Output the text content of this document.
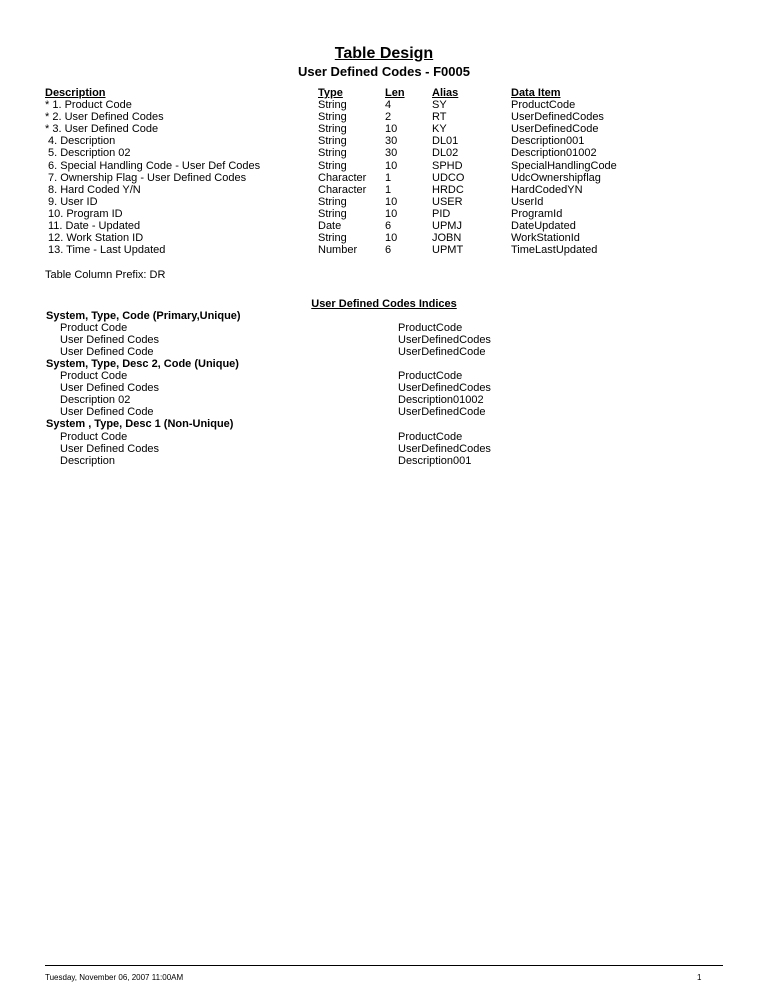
Table Design
User Defined Codes - F0005
Description	Type	Len Alias	Data Item
* 1. Product Code	String	4	SY	ProductCode
* 2. User Defined Codes	String	2	RT	UserDefinedCodes
* 3. User Defined Code	String	10	KY	UserDefinedCode
4. Description	String	30	DL01	Description001
5. Description 02	String	30	DL02	Description01002
6. Special Handling Code - User Def Codes	String	10	SPHD	SpecialHandlingCode
7. Ownership Flag - User Defined Codes	Character 1	UDCO	UdcOwnershipflag
8. Hard Coded Y/N	Character 1	HRDC	HardCodedYN
9. User ID	String	10	USER	UserId
10. Program ID	String	10	PID	ProgramId
11. Date - Updated	Date	6	UPMJ	DateUpdated
12. Work Station ID	String	10	JOBN	WorkStationId
13. Time - Last Updated	Number	6	UPMT	TimeLastUpdated
Table Column Prefix: DR
User Defined Codes Indices
System, Type, Code (Primary,Unique)
Product Code	ProductCode
User Defined Codes	UserDefinedCodes
User Defined Code	UserDefinedCode
System, Type, Desc 2, Code (Unique)
Product Code	ProductCode
User Defined Codes	UserDefinedCodes
Description 02	Description01002
User Defined Code	UserDefinedCode
System , Type, Desc 1 (Non-Unique)
Product Code	ProductCode
User Defined Codes	UserDefinedCodes
Description	Description001
Tuesday, November 06, 2007 11:00AM	1
